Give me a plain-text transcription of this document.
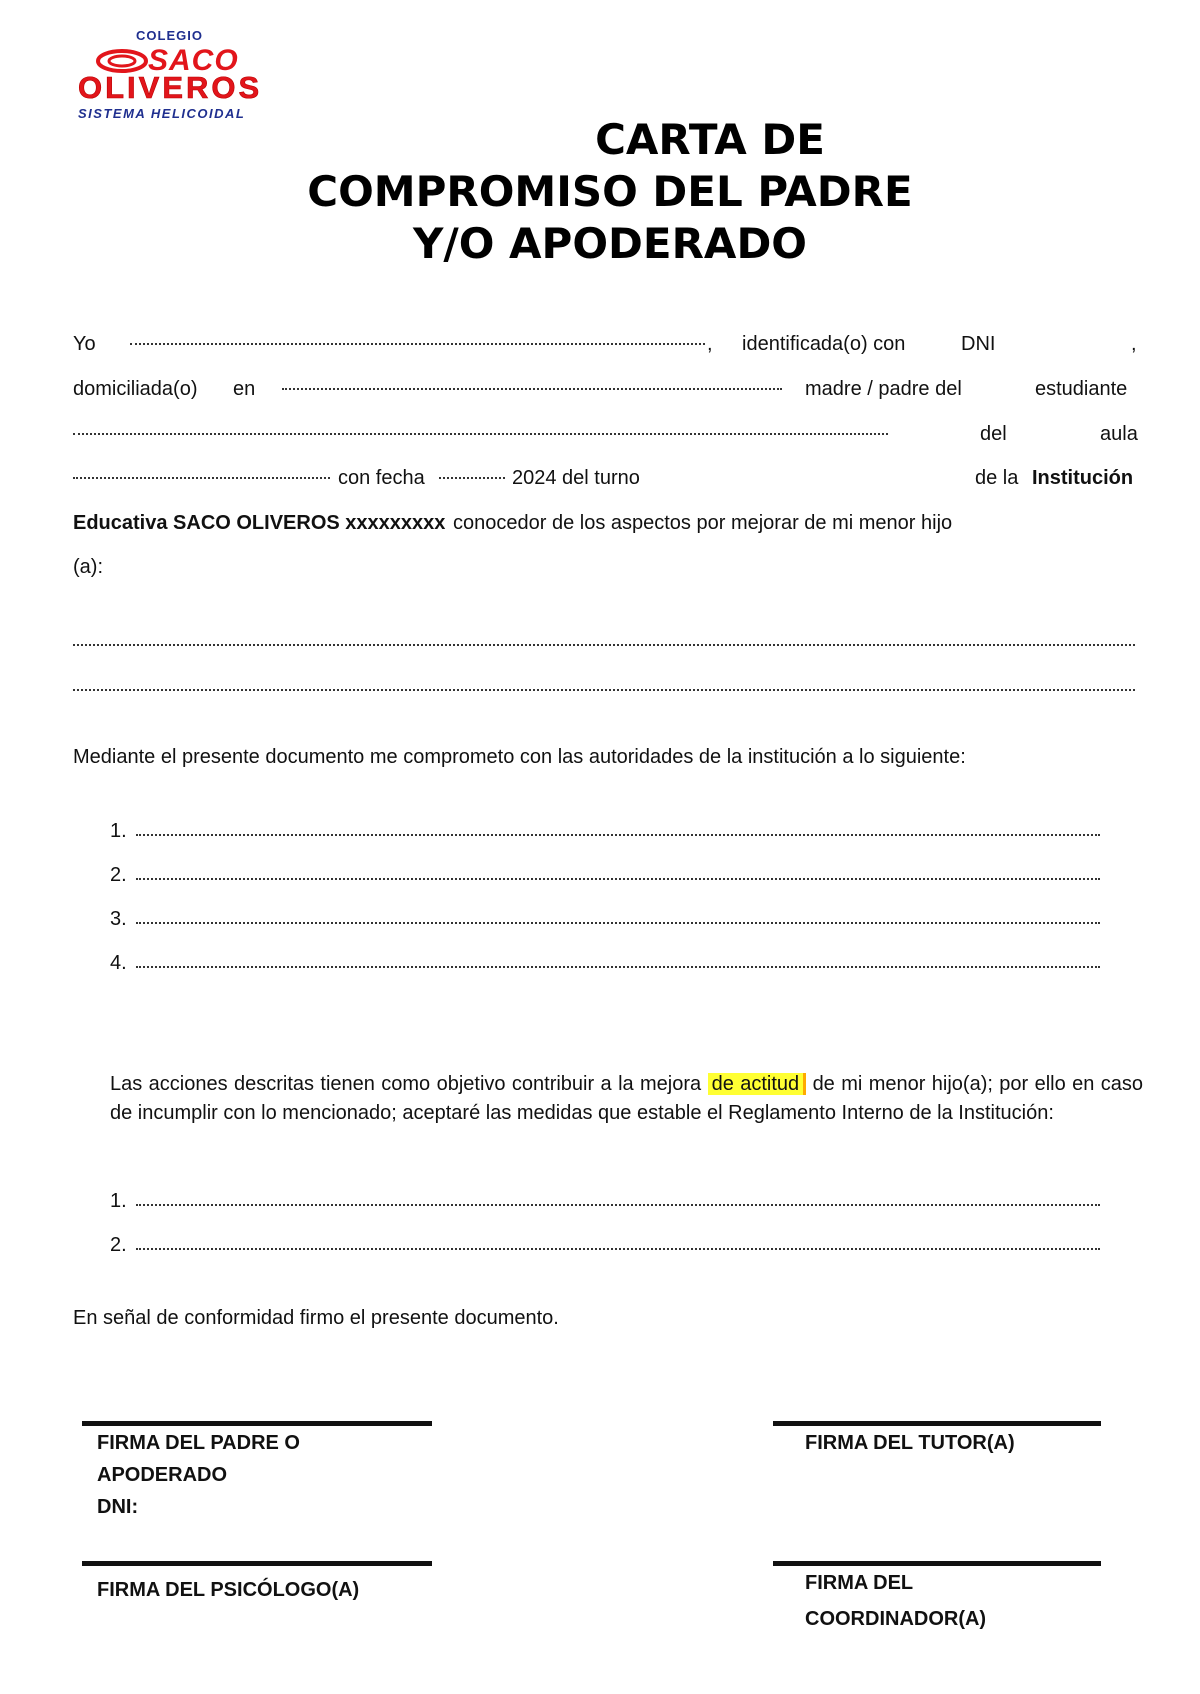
COLEGIO
SACO
OLIVEROS
SISTEMA HELICOIDAL
CARTA DE
COMPROMISO DEL PADRE
Y/O APODERADO
Yo	, identificada(o) con	DNI	,
domiciliada(o) en	madre / padre del	estudiante
del	aula
con fecha	2024 del turno	de la Institución
Educativa SACO OLIVEROS xxxxxxxxx conocedor de los aspectos por mejorar de mi menor hijo
(a):
Mediante el presente documento me comprometo con las autoridades de la institución a lo siguiente:
1.
2.
3.
4.
Las acciones descritas tienen como objetivo contribuir a la mejora de actitud de mi menor hijo(a); por ello en caso de incumplir con lo mencionado; aceptaré las medidas que estable el Reglamento Interno de la Institución:
1.
2.
En señal de conformidad firmo el presente documento.
FIRMA DEL PADRE O
APODERADO
DNI:
FIRMA DEL TUTOR(A)
FIRMA DEL PSICÓLOGO(A)	FIRMA DEL
COORDINADOR(A)
